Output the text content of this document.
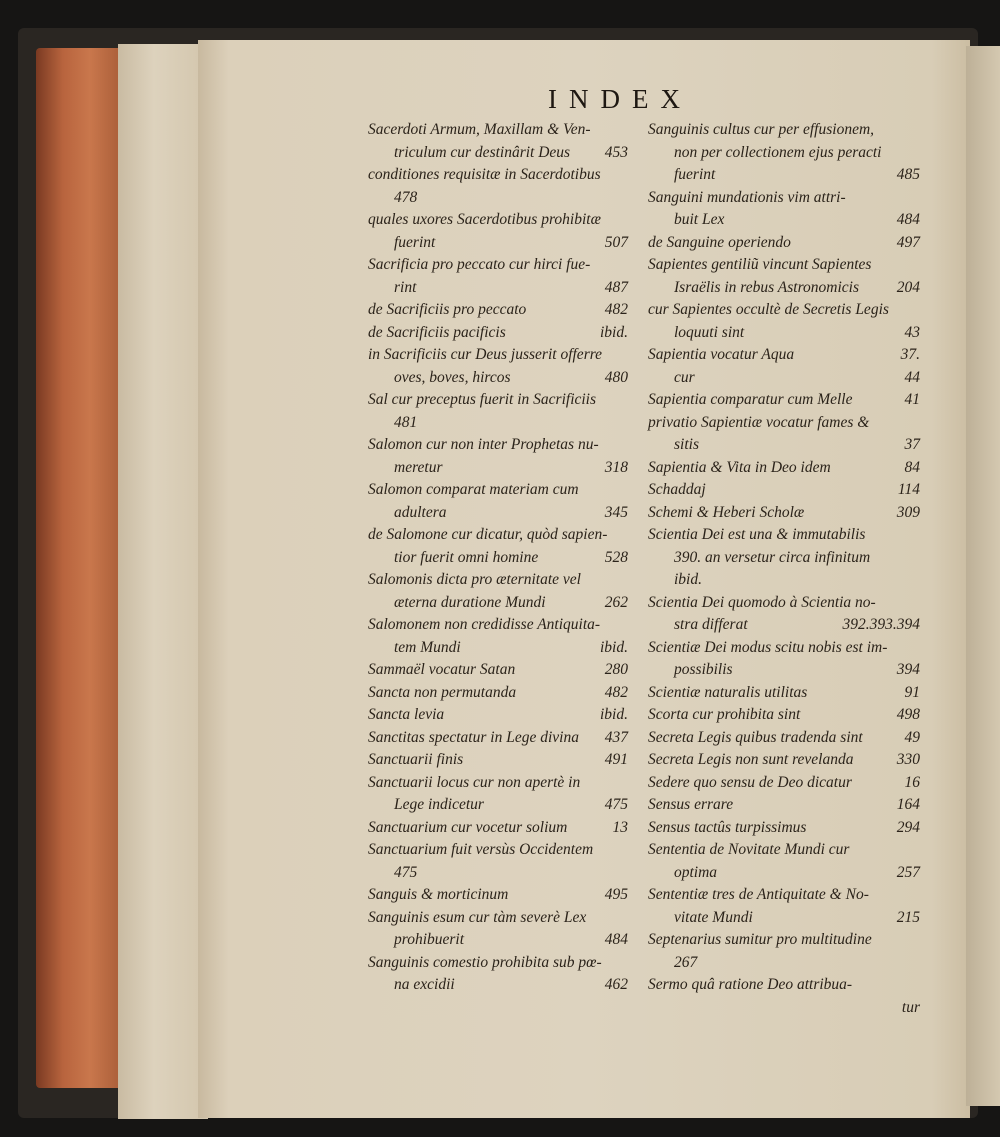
INDEX
Sacerdoti Armum, Maxillam & Ven-
triculum cur destinârit Deus	453
conditiones requisitæ in Sacerdotibus
478
quales uxores Sacerdotibus prohibitæ
fuerint	507
Sacrificia pro peccato cur hirci fue-
rint	487
de Sacrificiis pro peccato	482
de Sacrificiis pacificis	ibid.
in Sacrificiis cur Deus jusserit offerre
oves, boves, hircos	480
Sal cur preceptus fuerit in Sacrificiis
481
Salomon cur non inter Prophetas nu-
meretur	318
Salomon comparat materiam cum
adultera	345
de Salomone cur dicatur, quòd sapien-
tior fuerit omni homine	528
Salomonis dicta pro æternitate vel
æterna duratione Mundi	262
Salomonem non credidisse Antiquita-
tem Mundi	ibid.
Sammaël vocatur Satan	280
Sancta non permutanda	482
Sancta levia	ibid.
Sanctitas spectatur in Lege divina	437
Sanctuarii finis	491
Sanctuarii locus cur non apertè in
Lege indicetur	475
Sanctuarium cur vocetur solium	13
Sanctuarium fuit versùs Occidentem
475
Sanguis & morticinum	495
Sanguinis esum cur tàm severè Lex
prohibuerit	484
Sanguinis comestio prohibita sub pœ-
na excidii	462
Sanguinis cultus cur per effusionem,
non per collectionem ejus peracti
fuerint	485
Sanguini mundationis vim attri-
buit Lex	484
de Sanguine operiendo	497
Sapientes gentiliũ vincunt Sapientes
Israëlis in rebus Astronomicis	204
cur Sapientes occultè de Secretis Legis
loquuti sint	43
Sapientia vocatur Aqua	37.
cur	44
Sapientia comparatur cum Melle	41
privatio Sapientiæ vocatur fames &
sitis	37
Sapientia & Vita in Deo idem	84
Schaddaj	114
Schemi & Heberi Scholæ	309
Scientia Dei est una & immutabilis
390. an versetur circa infinitum
ibid.
Scientia Dei quomodo à Scientia no-
stra differat	392.393.394
Scientiæ Dei modus scitu nobis est im-
possibilis	394
Scientiæ naturalis utilitas	91
Scorta cur prohibita sint	498
Secreta Legis quibus tradenda sint	49
Secreta Legis non sunt revelanda	330
Sedere quo sensu de Deo dicatur	16
Sensus errare	164
Sensus tactûs turpissimus	294
Sententia de Novitate Mundi cur
optima	257
Sententiæ tres de Antiquitate & No-
vitate Mundi	215
Septenarius sumitur pro multitudine
267
Sermo quâ ratione Deo attribua-
tur
